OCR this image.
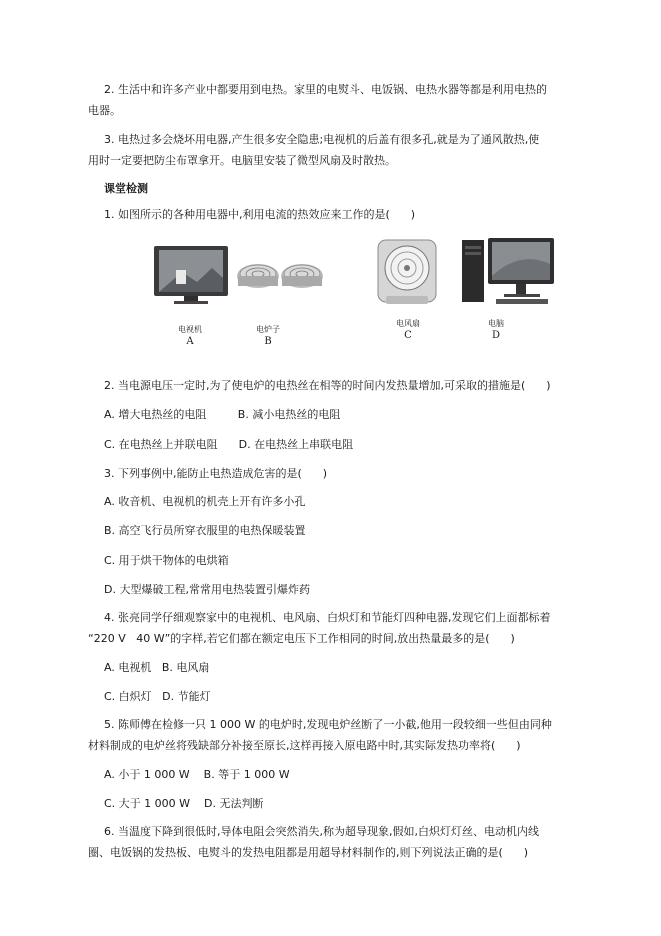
2. 生活中和许多产业中都要用到电热。家里的电熨斗、电饭锅、电热水器等都是利用电热的

电器。

3. 电热过多会烧坏用电器,产生很多安全隐患;电视机的后盖有很多孔,就是为了通风散热,使

用时一定要把防尘布罩拿开。电脑里安装了微型风扇及时散热。

课堂检测

1. 如图所示的各种用电器中,利用电流的热效应来工作的是(      )

电视机
A
电炉子
B
电风扇
C
电脑
D

2. 当电源电压一定时,为了使电炉的电热丝在相等的时间内发热量增加,可采取的措施是(      )

A. 增大电热丝的电阻         B. 减小电热丝的电阻

C. 在电热丝上并联电阻      D. 在电热丝上串联电阻

3. 下列事例中,能防止电热造成危害的是(      )

A. 收音机、电视机的机壳上开有许多小孔

B. 高空飞行员所穿衣服里的电热保暖装置

C. 用于烘干物体的电烘箱

D. 大型爆破工程,常常用电热装置引爆炸药

4. 张亮同学仔细观察家中的电视机、电风扇、白炽灯和节能灯四种电器,发现它们上面都标着

“220 V   40 W”的字样,若它们都在额定电压下工作相同的时间,放出热量最多的是(      )

A. 电视机   B. 电风扇

C. 白炽灯   D. 节能灯

5. 陈师傅在检修一只 1 000 W 的电炉时,发现电炉丝断了一小截,他用一段较细一些但由同种

材料制成的电炉丝将残缺部分补接至原长,这样再接入原电路中时,其实际发热功率将(      )

A. 小于 1 000 W    B. 等于 1 000 W

C. 大于 1 000 W    D. 无法判断

6. 当温度下降到很低时,导体电阻会突然消失,称为超导现象,假如,白炽灯灯丝、电动机内线

圈、电饭锅的发热板、电熨斗的发热电阻都是用超导材料制作的,则下列说法正确的是(      )
